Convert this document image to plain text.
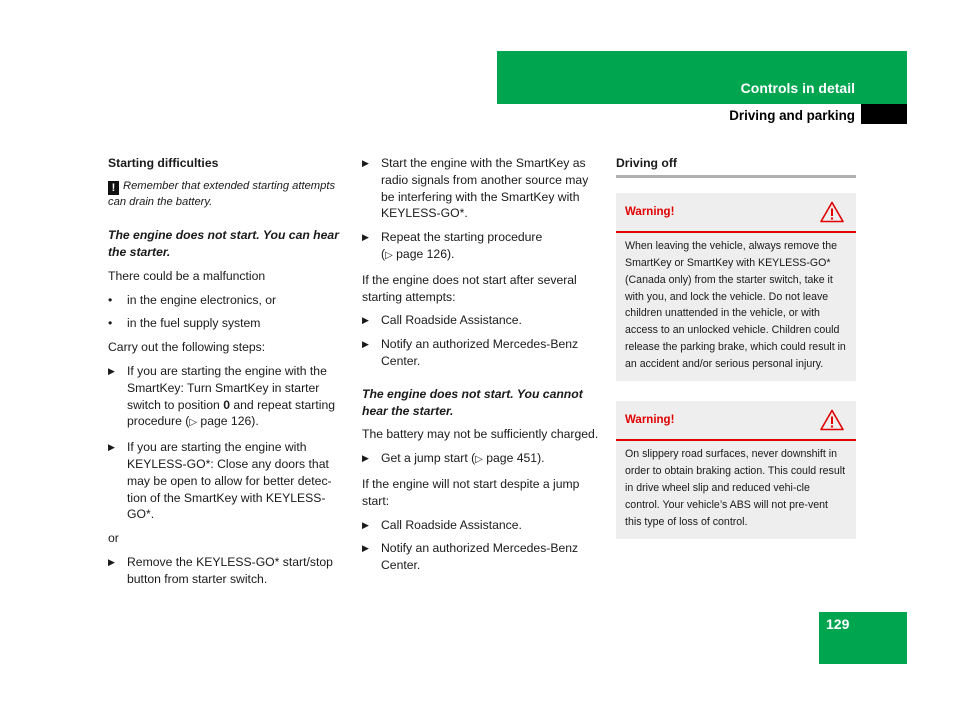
Controls in detail
Driving and parking
Starting difficulties
! Remember that extended starting attempts can drain the battery.
The engine does not start. You can hear the starter.
There could be a malfunction
• in the engine electronics, or
• in the fuel supply system
Carry out the following steps:
▶ If you are starting the engine with the SmartKey: Turn SmartKey in starter switch to position 0 and repeat starting procedure (▷ page 126).
▶ If you are starting the engine with KEYLESS-GO*: Close any doors that may be open to allow for better detec-tion of the SmartKey with KEYLESS-GO*.
or
▶ Remove the KEYLESS-GO* start/stop button from starter switch.
▶ Start the engine with the SmartKey as radio signals from another source may be interfering with the SmartKey with KEYLESS-GO*.
▶ Repeat the starting procedure
(▷ page 126).
If the engine does not start after several starting attempts:
▶ Call Roadside Assistance.
▶ Notify an authorized Mercedes-Benz Center.
The engine does not start. You cannot hear the starter.
The battery may not be sufficiently charged.
▶ Get a jump start (▷ page 451).
If the engine will not start despite a jump start:
▶ Call Roadside Assistance.
▶ Notify an authorized Mercedes-Benz Center.
Driving off
Warning!
When leaving the vehicle, always remove the SmartKey or SmartKey with KEYLESS-GO* (Canada only) from the starter switch, take it with you, and lock the vehicle. Do not leave children unattended in the vehicle, or with access to an unlocked vehicle. Children could release the parking brake, which could result in an accident and/or serious personal injury.
Warning!
On slippery road surfaces, never downshift in order to obtain braking action. This could result in drive wheel slip and reduced vehi-cle control. Your vehicle’s ABS will not pre-vent this type of loss of control.
129
